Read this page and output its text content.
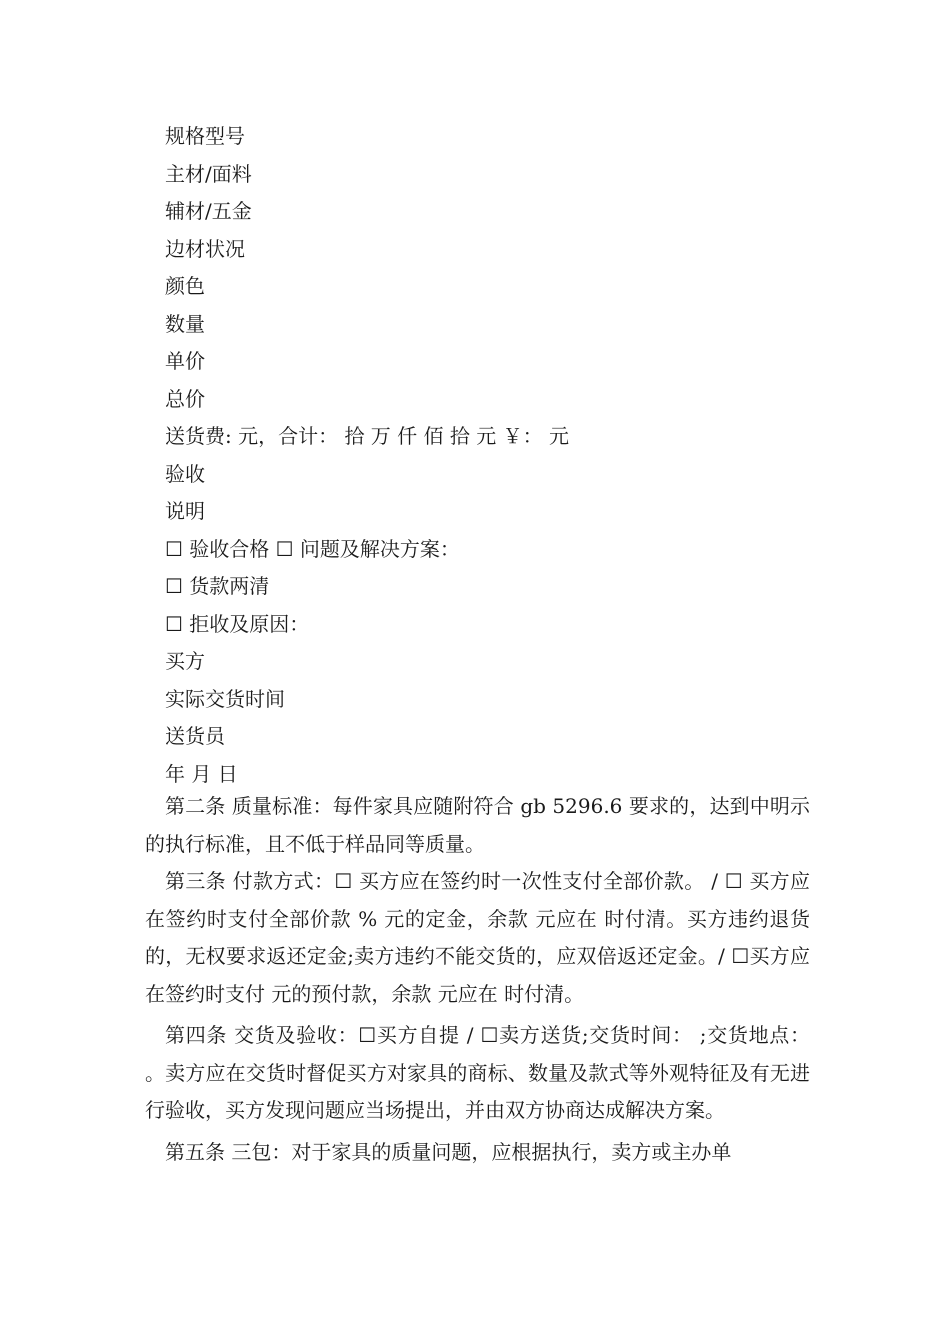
规格型号
主材/面料
辅材/五金
边材状况
颜色
数量
单价
总价
送货费: 元，合计： 拾 万 仟 佰 拾 元 ￥： 元
验收
说明
☐ 验收合格 ☐ 问题及解决方案：
☐ 货款两清
☐ 拒收及原因：
买方
实际交货时间
送货员
年 月 日

第二条 质量标准：每件家具应随附符合 gb 5296.6 要求的，达到中明示的执行标准，且不低于样品同等质量。

第三条 付款方式：☐ 买方应在签约时一次性支付全部价款。 / ☐ 买方应在签约时支付全部价款 % 元的定金，余款 元应在 时付清。买方违约退货的，无权要求返还定金;卖方违约不能交货的，应双倍返还定金。/ ☐买方应在签约时支付 元的预付款，余款 元应在 时付清。

第四条 交货及验收：☐买方自提 / ☐卖方送货;交货时间： ;交货地点： 。卖方应在交货时督促买方对家具的商标、数量及款式等外观特征及有无进行验收，买方发现问题应当场提出，并由双方协商达成解决方案。

第五条 三包：对于家具的质量问题，应根据执行，卖方或主办单
